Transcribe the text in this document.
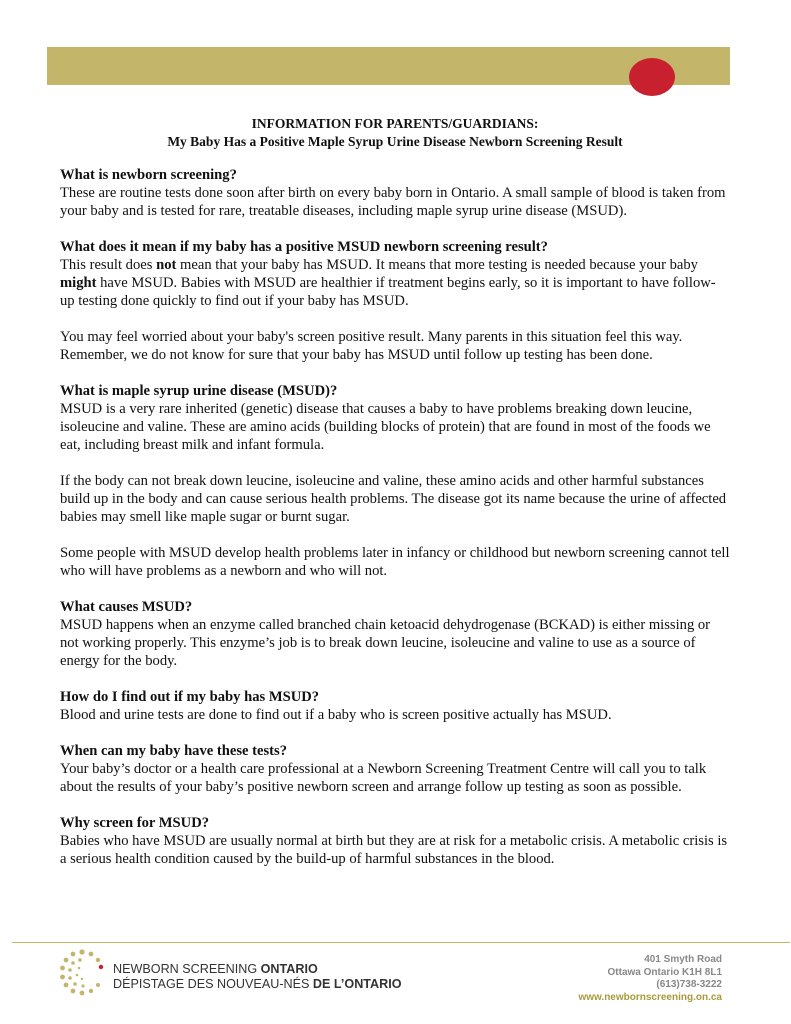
INFORMATION FOR PARENTS/GUARDIANS:
My Baby Has a Positive Maple Syrup Urine Disease Newborn Screening Result
What is newborn screening?

These are routine tests done soon after birth on every baby born in Ontario. A small sample of blood is taken from your baby and is tested for rare, treatable diseases, including maple syrup urine disease (MSUD).

What does it mean if my baby has a positive MSUD newborn screening result?

This result does not mean that your baby has MSUD. It means that more testing is needed because your baby might have MSUD. Babies with MSUD are healthier if treatment begins early, so it is important to have follow-up testing done quickly to find out if your baby has MSUD.

You may feel worried about your baby's screen positive result. Many parents in this situation feel this way. Remember, we do not know for sure that your baby has MSUD until follow up testing has been done.

What is maple syrup urine disease (MSUD)?

MSUD is a very rare inherited (genetic) disease that causes a baby to have problems breaking down leucine, isoleucine and valine. These are amino acids (building blocks of protein) that are found in most of the foods we eat, including breast milk and infant formula.

If the body can not break down leucine, isoleucine and valine, these amino acids and other harmful substances build up in the body and can cause serious health problems. The disease got its name because the urine of affected babies may smell like maple sugar or burnt sugar.

Some people with MSUD develop health problems later in infancy or childhood but newborn screening cannot tell who will have problems as a newborn and who will not.

What causes MSUD?

MSUD happens when an enzyme called branched chain ketoacid dehydrogenase (BCKAD) is either missing or not working properly. This enzyme’s job is to break down leucine, isoleucine and valine to use as a source of energy for the body.

How do I find out if my baby has MSUD?

Blood and urine tests are done to find out if a baby who is screen positive actually has MSUD.

When can my baby have these tests?

Your baby’s doctor or a health care professional at a Newborn Screening Treatment Centre will call you to talk about the results of your baby’s positive newborn screen and arrange follow up testing as soon as possible.

Why screen for MSUD?

Babies who have MSUD are usually normal at birth but they are at risk for a metabolic crisis. A metabolic crisis is a serious health condition caused by the build-up of harmful substances in the blood.

NEWBORN SCREENING ONTARIO
DÉPISTAGE DES NOUVEAU-NÉS DE L’ONTARIO
401 Smyth Road
Ottawa Ontario K1H 8L1
(613)738-3222
www.newbornscreening.on.ca
